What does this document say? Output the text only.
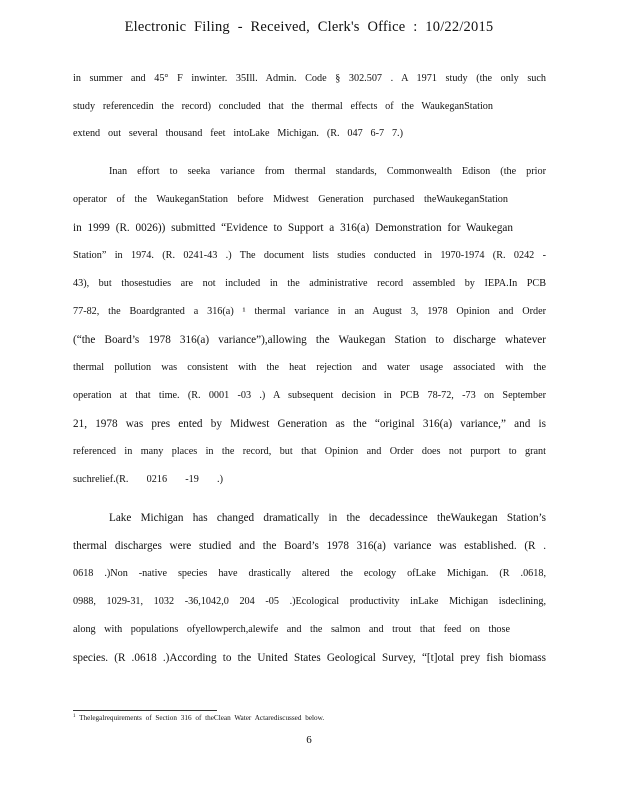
Electronic Filing - Received, Clerk's Office : 10/22/2015
in summer and 45° F inwinter. 35Ill. Admin. Code § 302.507 . A 1971 study (the only such
study referencedin the record) concluded that the thermal effects of the WaukeganStation
extend out several thousand feet intoLake Michigan. (R. 047 6-7 7.)
Inan effort to seeka variance from thermal standards, Commonwealth Edison (the prior
operator of the WaukeganStation before Midwest Generation purchased theWaukeganStation
in 1999 (R. 0026)) submitted “Evidence to Support a 316(a) Demonstration for Waukegan
Station” in 1974. (R. 0241-43 .) The document lists studies conducted in 1970-1974 (R. 0242 -
43), but thosestudies are not included in the administrative record assembled by IEPA.In PCB
77-82, the Boardgranted a 316(a) ¹ thermal variance in an August 3, 1978 Opinion and Order
(“the Board’s 1978 316(a) variance”),allowing the Waukegan Station to discharge whatever
thermal pollution was consistent with the heat rejection and water usage associated with the
operation at that time. (R. 0001 -03 .) A subsequent decision in PCB 78-72, -73 on September
21, 1978 was pres ented by Midwest Generation as the “original 316(a) variance,” and is
referenced in many places in the record, but that Opinion and Order does not purport to grant
suchrelief.(R. 0216 -19 .)
Lake Michigan has changed dramatically in the decadessince theWaukegan Station’s
thermal discharges were studied and the Board’s 1978 316(a) variance was established. (R .
0618 .)Non -native species have drastically altered the ecology ofLake Michigan. (R .0618,
0988, 1029-31, 1032 -36,1042,0 204 -05 .)Ecological productivity inLake Michigan isdeclining,
along with populations ofyellowperch,alewife and the salmon and trout that feed on those
species. (R .0618 .)According to the United States Geological Survey, “[t]otal prey fish biomass
$^1$ Thelegalrequirements of Section 316 of theClean Water Actarediscussed below.
6
